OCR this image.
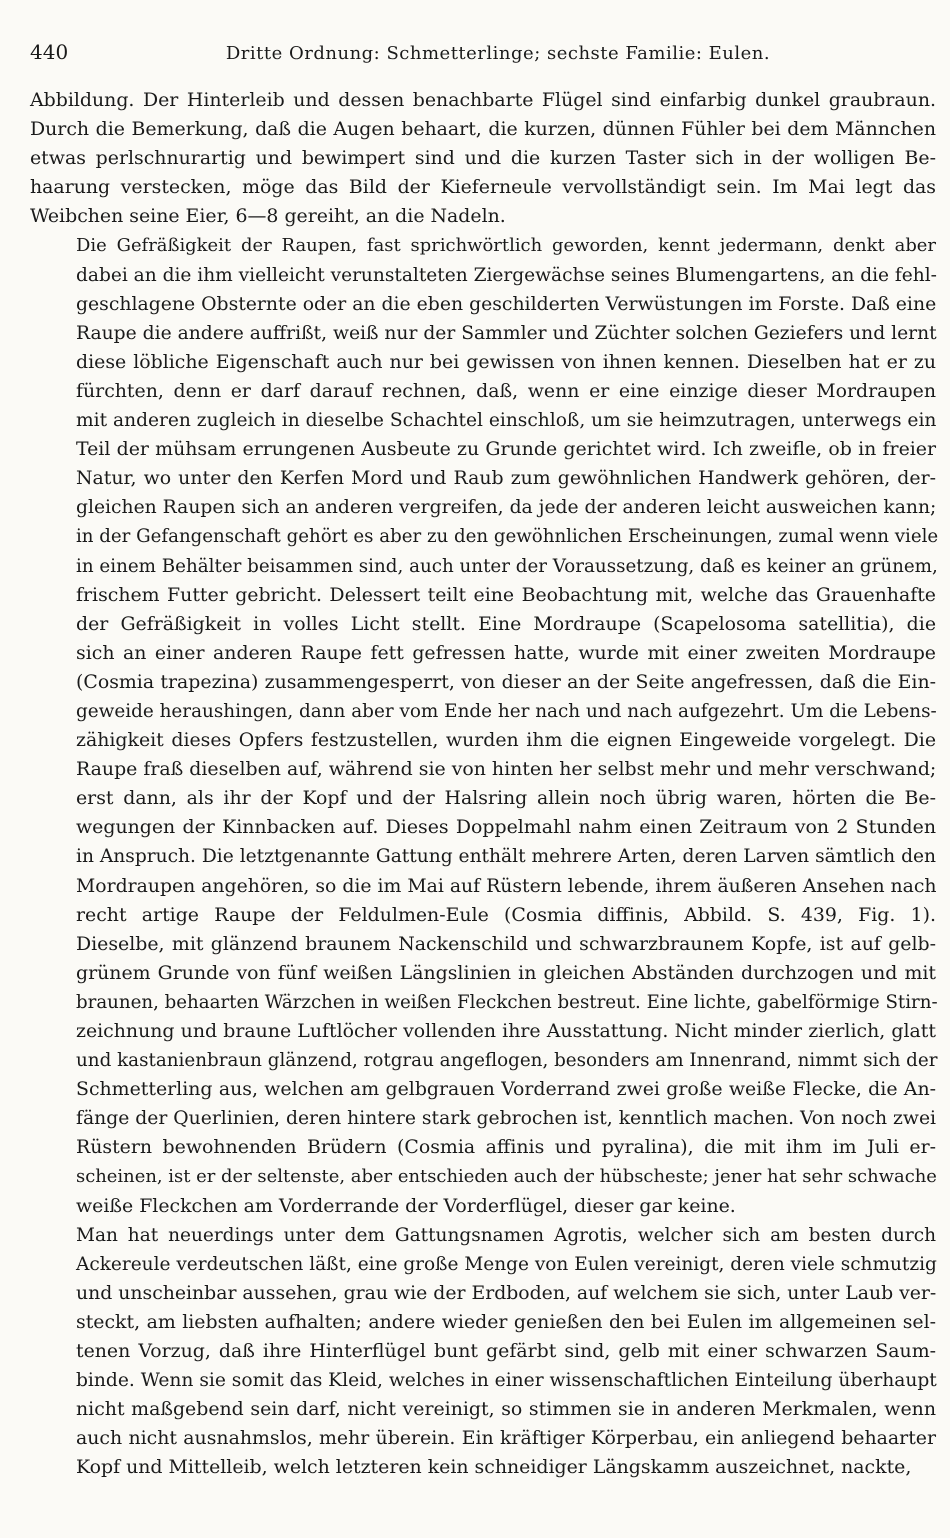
440	Dritte Ordnung: Schmetterlinge; sechste Familie: Eulen.

Abbildung. Der Hinterleib und dessen benachbarte Flügel sind einfarbig dunkel graubraun.
Durch die Bemerkung, daß die Augen behaart, die kurzen, dünnen Fühler bei dem Männchen
etwas perlschnurartig und bewimpert sind und die kurzen Taster sich in der wolligen Be-
haarung verstecken, möge das Bild der Kieferneule vervollständigt sein. Im Mai legt das
Weibchen seine Eier, 6—8 gereiht, an die Nadeln.

Die Gefräßigkeit der Raupen, fast sprichwörtlich geworden, kennt jedermann, denkt aber
dabei an die ihm vielleicht verunstalteten Ziergewächse seines Blumengartens, an die fehl-
geschlagene Obsternte oder an die eben geschilderten Verwüstungen im Forste. Daß eine
Raupe die andere auffrißt, weiß nur der Sammler und Züchter solchen Geziefers und lernt
diese löbliche Eigenschaft auch nur bei gewissen von ihnen kennen. Dieselben hat er zu
fürchten, denn er darf darauf rechnen, daß, wenn er eine einzige dieser Mordraupen
mit anderen zugleich in dieselbe Schachtel einschloß, um sie heimzutragen, unterwegs ein
Teil der mühsam errungenen Ausbeute zu Grunde gerichtet wird. Ich zweifle, ob in freier
Natur, wo unter den Kerfen Mord und Raub zum gewöhnlichen Handwerk gehören, der-
gleichen Raupen sich an anderen vergreifen, da jede der anderen leicht ausweichen kann;
in der Gefangenschaft gehört es aber zu den gewöhnlichen Erscheinungen, zumal wenn viele
in einem Behälter beisammen sind, auch unter der Voraussetzung, daß es keiner an grünem,
frischem Futter gebricht. Delessert teilt eine Beobachtung mit, welche das Grauenhafte
der Gefräßigkeit in volles Licht stellt. Eine Mordraupe (Scapelosoma satellitia), die
sich an einer anderen Raupe fett gefressen hatte, wurde mit einer zweiten Mordraupe
(Cosmia trapezina) zusammengesperrt, von dieser an der Seite angefressen, daß die Ein-
geweide heraushingen, dann aber vom Ende her nach und nach aufgezehrt. Um die Lebens-
zähigkeit dieses Opfers festzustellen, wurden ihm die eignen Eingeweide vorgelegt. Die
Raupe fraß dieselben auf, während sie von hinten her selbst mehr und mehr verschwand;
erst dann, als ihr der Kopf und der Halsring allein noch übrig waren, hörten die Be-
wegungen der Kinnbacken auf. Dieses Doppelmahl nahm einen Zeitraum von 2 Stunden
in Anspruch. Die letztgenannte Gattung enthält mehrere Arten, deren Larven sämtlich den
Mordraupen angehören, so die im Mai auf Rüstern lebende, ihrem äußeren Ansehen nach
recht artige Raupe der Feldulmen-Eule (Cosmia diffinis, Abbild. S. 439, Fig. 1).
Dieselbe, mit glänzend braunem Nackenschild und schwarzbraunem Kopfe, ist auf gelb-
grünem Grunde von fünf weißen Längslinien in gleichen Abständen durchzogen und mit
braunen, behaarten Wärzchen in weißen Fleckchen bestreut. Eine lichte, gabelförmige Stirn-
zeichnung und braune Luftlöcher vollenden ihre Ausstattung. Nicht minder zierlich, glatt
und kastanienbraun glänzend, rotgrau angeflogen, besonders am Innenrand, nimmt sich der
Schmetterling aus, welchen am gelbgrauen Vorderrand zwei große weiße Flecke, die An-
fänge der Querlinien, deren hintere stark gebrochen ist, kenntlich machen. Von noch zwei
Rüstern bewohnenden Brüdern (Cosmia affinis und pyralina), die mit ihm im Juli er-
scheinen, ist er der seltenste, aber entschieden auch der hübscheste; jener hat sehr schwache
weiße Fleckchen am Vorderrande der Vorderflügel, dieser gar keine.

Man hat neuerdings unter dem Gattungsnamen Agrotis, welcher sich am besten durch
Ackereule verdeutschen läßt, eine große Menge von Eulen vereinigt, deren viele schmutzig
und unscheinbar aussehen, grau wie der Erdboden, auf welchem sie sich, unter Laub ver-
steckt, am liebsten aufhalten; andere wieder genießen den bei Eulen im allgemeinen sel-
tenen Vorzug, daß ihre Hinterflügel bunt gefärbt sind, gelb mit einer schwarzen Saum-
binde. Wenn sie somit das Kleid, welches in einer wissenschaftlichen Einteilung überhaupt
nicht maßgebend sein darf, nicht vereinigt, so stimmen sie in anderen Merkmalen, wenn
auch nicht ausnahmslos, mehr überein. Ein kräftiger Körperbau, ein anliegend behaarter
Kopf und Mittelleib, welch letzteren kein schneidiger Längskamm auszeichnet, nackte,
